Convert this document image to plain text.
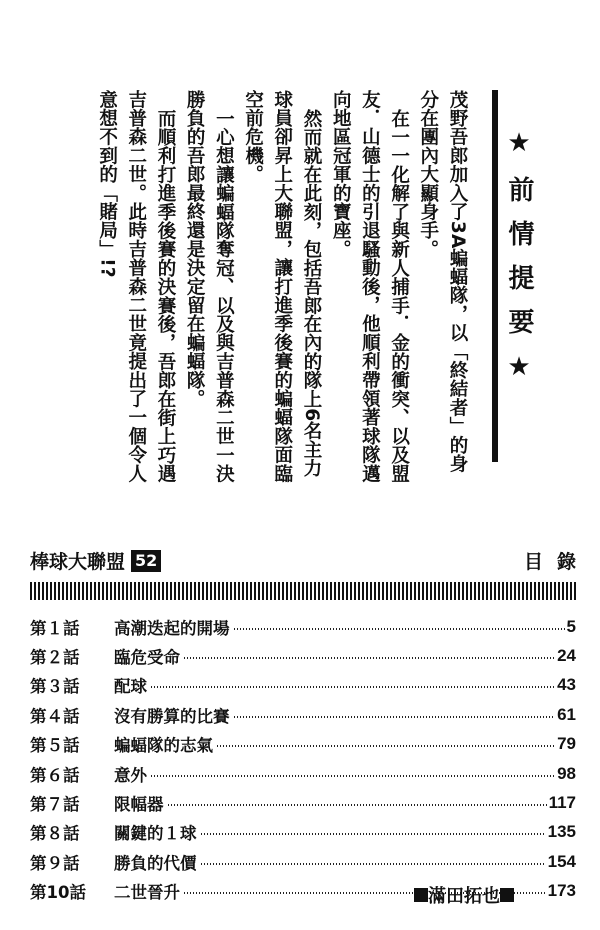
★前情提要★

茂野吾郎加入了3A蝙蝠隊，以「終結者」的身分在團內大顯身手。

在一一化解了與新人捕手．金的衝突、以及盟友．山德士的引退騷動後，他順利帶領著球隊邁向地區冠軍的寶座。

然而就在此刻，包括吾郎在內的隊上6名主力球員卻昇上大聯盟，讓打進季後賽的蝙蝠隊面臨空前危機。

一心想讓蝙蝠隊奪冠、以及與吉普森二世一決勝負的吾郎最終還是決定留在蝙蝠隊。

而順利打進季後賽的決賽後，吾郎在街上巧遇吉普森二世。此時吉普森二世竟提出了一個令人意想不到的「賭局」!?

棒球大聯盟 52	目錄
第１話	高潮迭起的開場	5
第２話	臨危受命	24
第３話	配球	43
第４話	沒有勝算的比賽	61
第５話	蝙蝠隊的志氣	79
第６話	意外	98
第７話	限幅器	117
第８話	關鍵的１球	135
第９話	勝負的代價	154
第10話	二世晉升	173
滿田拓也
